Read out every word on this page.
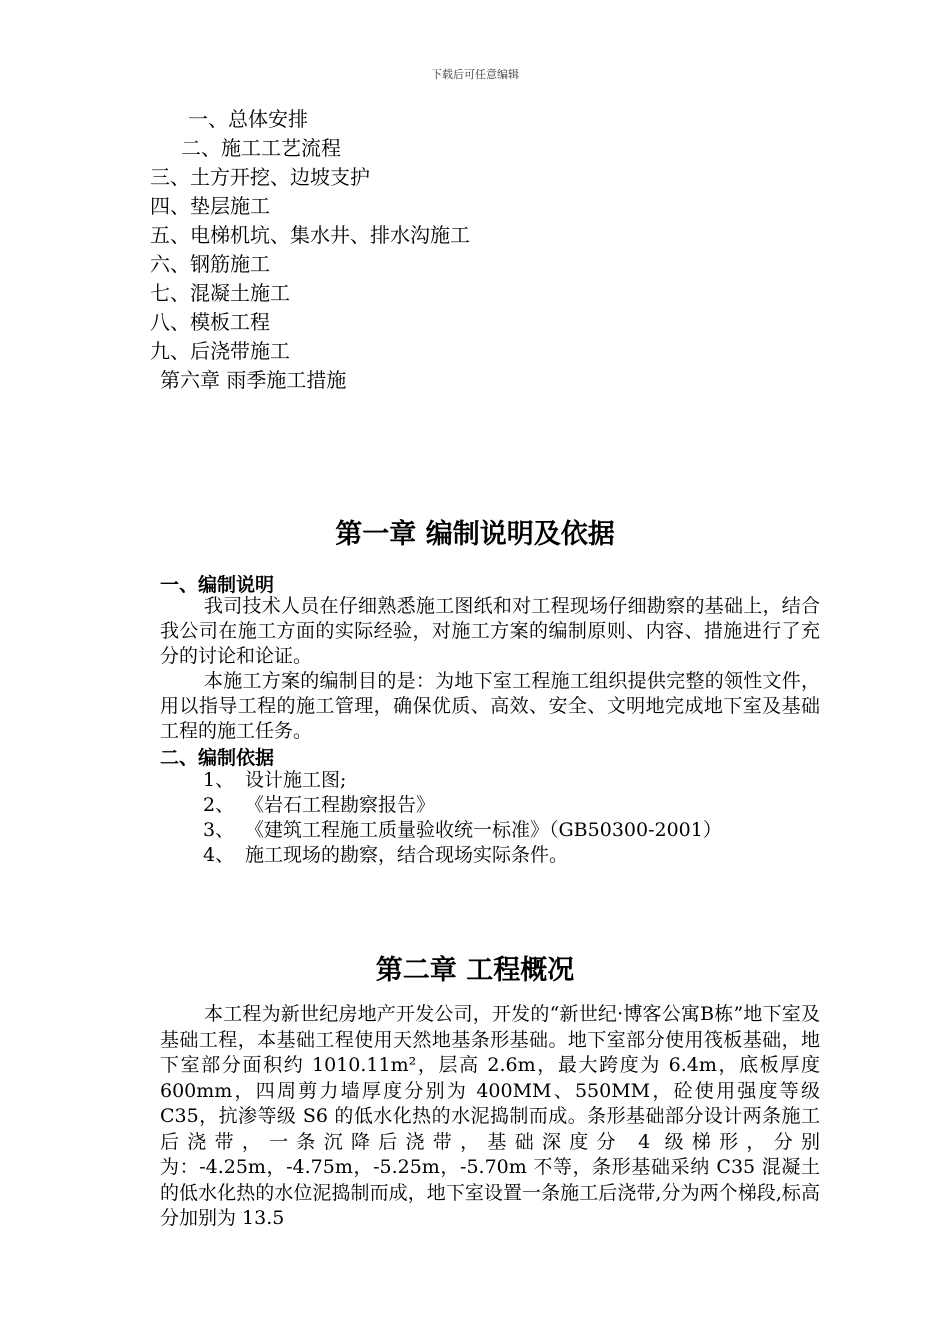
下载后可任意编辑
一、总体安排
二、施工工艺流程
三、土方开挖、边坡支护
四、垫层施工
五、电梯机坑、集水井、排水沟施工
六、钢筋施工
七、混凝土施工
八、模板工程
九、后浇带施工
第六章 雨季施工措施
第一章 编制说明及依据
一、编制说明
我司技术人员在仔细熟悉施工图纸和对工程现场仔细勘察的基础上，结合我公司在施工方面的实际经验，对施工方案的编制原则、内容、措施进行了充分的讨论和论证。
本施工方案的编制目的是：为地下室工程施工组织提供完整的领性文件，用以指导工程的施工管理，确保优质、高效、安全、文明地完成地下室及基础工程的施工任务。
二、编制依据
1、 设计施工图;
2、 《岩石工程勘察报告》
3、 《建筑工程施工质量验收统一标准》（GB50300-2001）
4、 施工现场的勘察，结合现场实际条件。
第二章 工程概况
本工程为新世纪房地产开发公司，开发的“新世纪·博客公寓B栋”地下室及基础工程，本基础工程使用天然地基条形基础。地下室部分使用筏板基础，地下室部分面积约 1010.11m²，层高 2.6m，最大跨度为 6.4m，底板厚度 600mm，四周剪力墙厚度分别为 400MM、550MM，砼使用强度等级 C35，抗渗等级 S6 的低水化热的水泥捣制而成。条形基础部分设计两条施工后浇带，一条沉降后浇带，基础深度分 4 级梯形，分别为：-4.25m，-4.75m，-5.25m，-5.70m 不等，条形基础采纳 C35 混凝土的低水化热的水位泥捣制而成，地下室设置一条施工后浇带,分为两个梯段,标高分加别为 13.5
